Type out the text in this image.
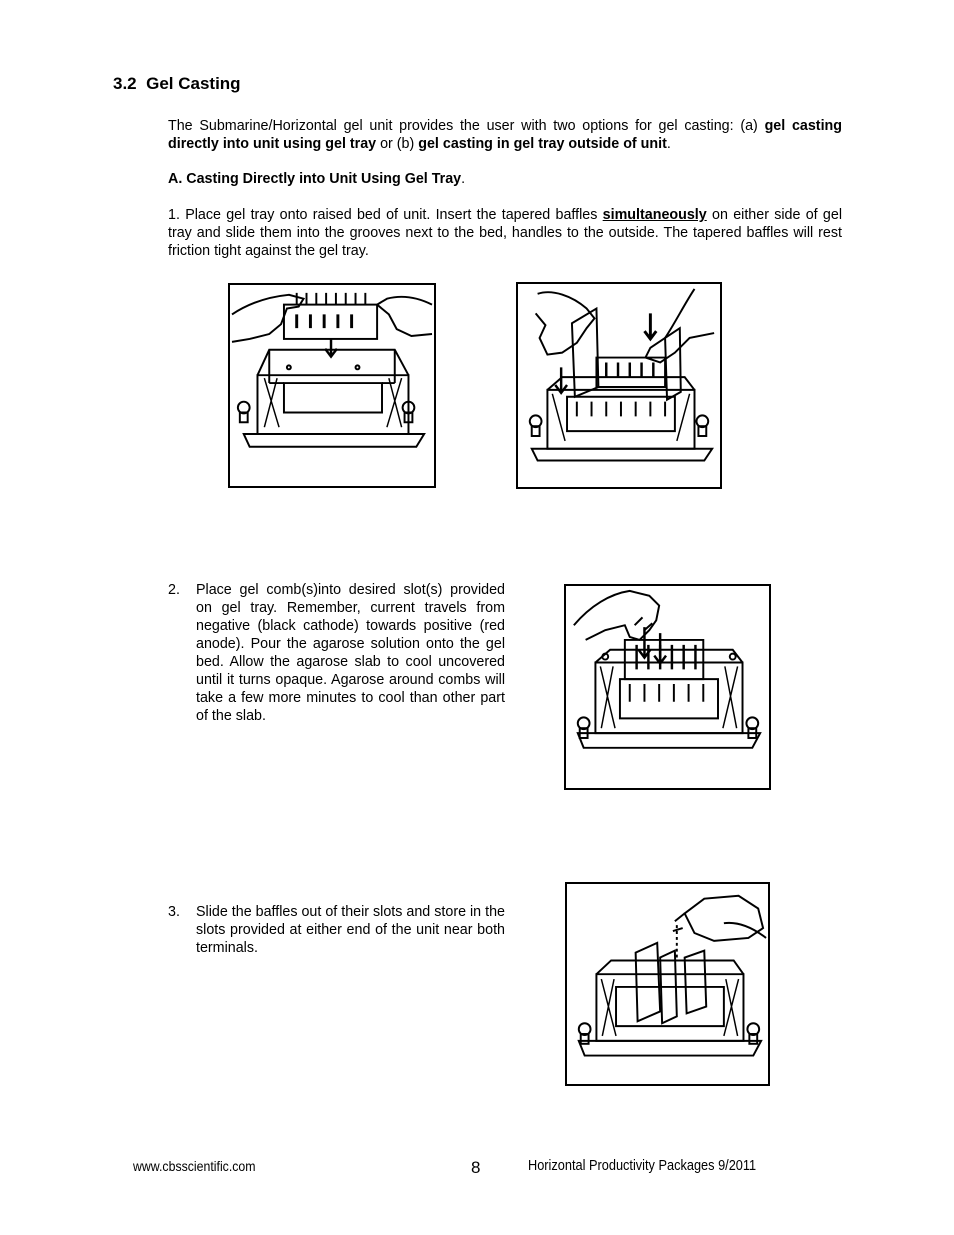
3.2 Gel Casting
The Submarine/Horizontal gel unit provides the user with two options for gel casting: (a) gel casting directly into unit using gel tray or (b) gel casting in gel tray outside of unit.
A. Casting Directly into Unit Using Gel Tray.
1. Place gel tray onto raised bed of unit. Insert the tapered baffles simultaneously on either side of gel tray and slide them into the grooves next to the bed, handles to the outside. The tapered baffles will rest friction tight against the gel tray.
2. Place gel comb(s)into desired slot(s) provided on gel tray. Remember, current travels from negative (black cathode) towards positive (red anode). Pour the agarose solution onto the gel bed. Allow the agarose slab to cool uncovered until it turns opaque. Agarose around combs will take a few more minutes to cool than other part of the slab.
3. Slide the baffles out of their slots and store in the slots provided at either end of the unit near both terminals.
www.cbsscientific.com	8	Horizontal Productivity Packages 9/2011
